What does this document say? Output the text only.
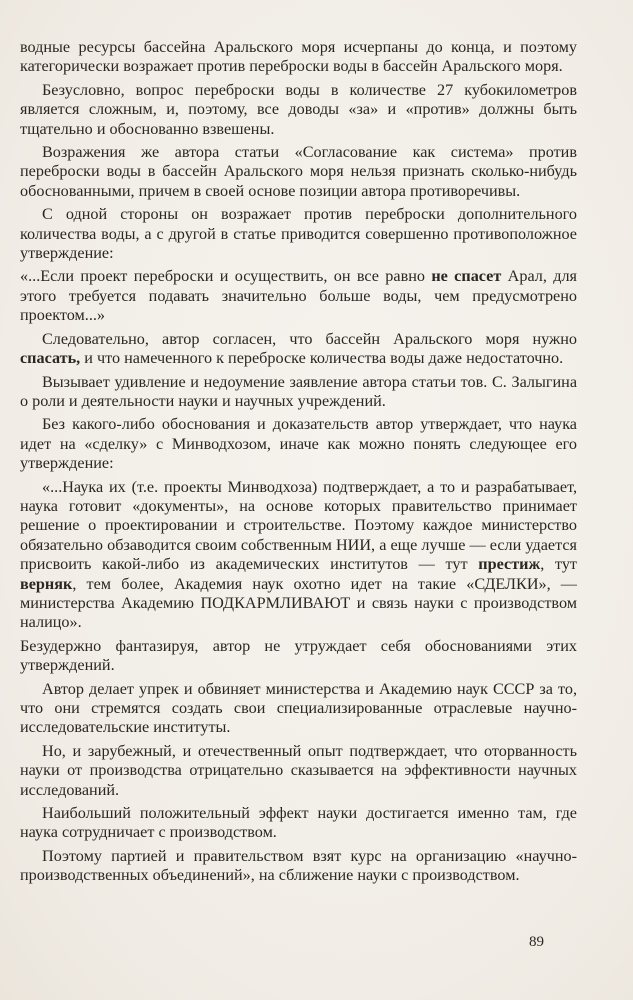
водные ресурсы бассейна Аральского моря исчерпаны до конца, и поэтому категорически возражает против переброски воды в бассейн Аральского моря.

Безусловно, вопрос переброски воды в количестве 27 кубокилометров является сложным, и, поэтому, все доводы «за» и «против» должны быть тщательно и обоснованно взвешены.

Возражения же автора статьи «Согласование как система» против переброски воды в бассейн Аральского моря нельзя признать сколько-нибудь обоснованными, причем в своей основе позиции автора противоречивы.

С одной стороны он возражает против переброски дополнительного количества воды, а с другой в статье приводится совершенно противоположное утверждение:

«...Если проект переброски и осуществить, он все равно не спасет Арал, для этого требуется подавать значительно больше воды, чем предусмотрено проектом...»

Следовательно, автор согласен, что бассейн Аральского моря нужно спасать, и что намеченного к переброске количества воды даже недостаточно.

Вызывает удивление и недоумение заявление автора статьи тов. С. Залыгина о роли и деятельности науки и научных учреждений.

Без какого-либо обоснования и доказательств автор утверждает, что наука идет на «сделку» с Минводхозом, иначе как можно понять следующее его утверждение:

«...Наука их (т.е. проекты Минводхоза) подтверждает, а то и разрабатывает, наука готовит «документы», на основе которых правительство принимает решение о проектировании и строительстве. Поэтому каждое министерство обязательно обзаводится своим собственным НИИ, а еще лучше — если удается присвоить какой-либо из академических институтов — тут престиж, тут верняк, тем более, Академия наук охотно идет на такие «СДЕЛКИ», — министерства Академию ПОДКАРМЛИВАЮТ и связь науки с производством налицо».

Безудержно фантазируя, автор не утруждает себя обоснованиями этих утверждений.

Автор делает упрек и обвиняет министерства и Академию наук СССР за то, что они стремятся создать свои специализированные отраслевые научно-исследовательские институты.

Но, и зарубежный, и отечественный опыт подтверждает, что оторванность науки от производства отрицательно сказывается на эффективности научных исследований.

Наибольший положительный эффект науки достигается именно там, где наука сотрудничает с производством.

Поэтому партией и правительством взят курс на организацию «научно-производственных объединений», на сближение науки с производством.

89
